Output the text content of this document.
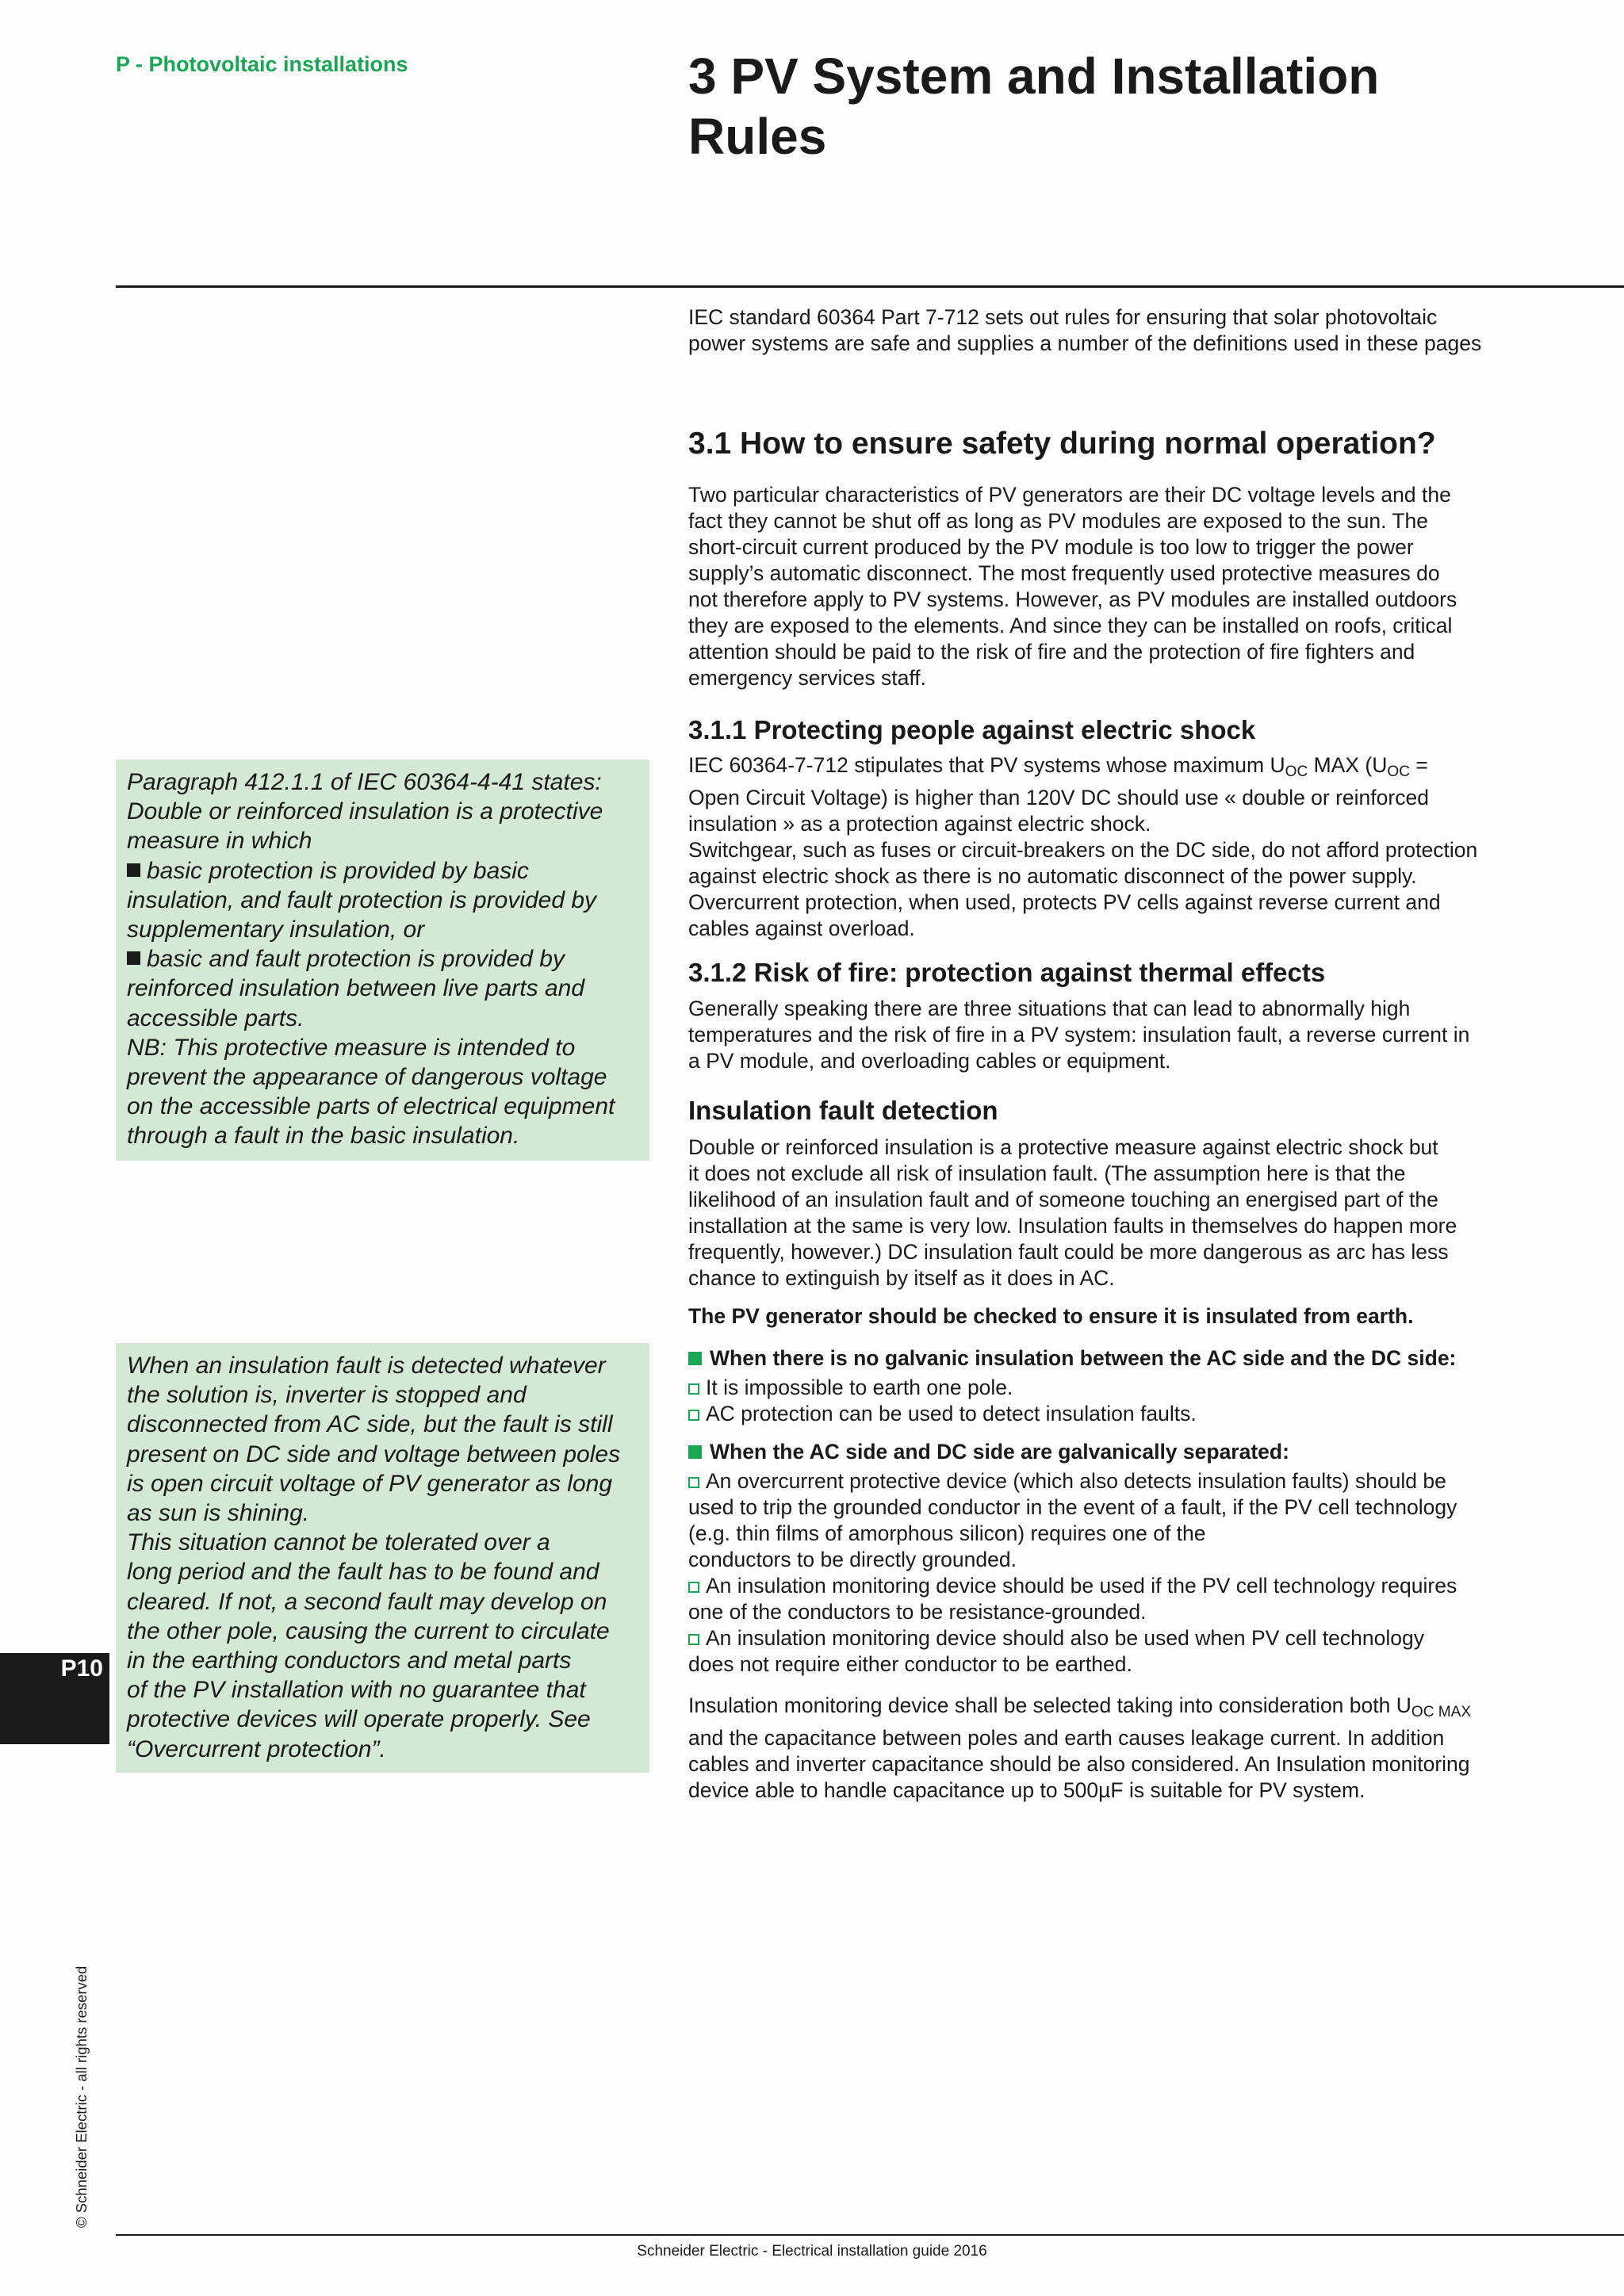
P - Photovoltaic installations	3 PV System and Installation
Rules
IEC standard 60364 Part 7-712 sets out rules for ensuring that solar photovoltaic
power systems are safe and supplies a number of the definitions used in these pages
3.1 How to ensure safety during normal operation?
Two particular characteristics of PV generators are their DC voltage levels and the
fact they cannot be shut off as long as PV modules are exposed to the sun. The
short-circuit current produced by the PV module is too low to trigger the power
supply’s automatic disconnect. The most frequently used protective measures do
not therefore apply to PV systems. However, as PV modules are installed outdoors
they are exposed to the elements. And since they can be installed on roofs, critical
attention should be paid to the risk of fire and the protection of fire fighters and
emergency services staff.
3.1.1 Protecting people against electric shock
IEC 60364-7-712 stipulates that PV systems whose maximum $U_{OC}$ MAX ($U_{OC}$ =
Open Circuit Voltage) is higher than 120V DC should use « double or reinforced
insulation » as a protection against electric shock.
Switchgear, such as fuses or circuit-breakers on the DC side, do not afford protection
against electric shock as there is no automatic disconnect of the power supply.
Overcurrent protection, when used, protects PV cells against reverse current and
cables against overload.
3.1.2 Risk of fire: protection against thermal effects
Generally speaking there are three situations that can lead to abnormally high
temperatures and the risk of fire in a PV system: insulation fault, a reverse current in
a PV module, and overloading cables or equipment.
Insulation fault detection
Double or reinforced insulation is a protective measure against electric shock but
it does not exclude all risk of insulation fault. (The assumption here is that the
likelihood of an insulation fault and of someone touching an energised part of the
installation at the same is very low. Insulation faults in themselves do happen more
frequently, however.) DC insulation fault could be more dangerous as arc has less
chance to extinguish by itself as it does in AC.
The PV generator should be checked to ensure it is insulated from earth.
When there is no galvanic insulation between the AC side and the DC side:
It is impossible to earth one pole.
AC protection can be used to detect insulation faults.
When the AC side and DC side are galvanically separated:
An overcurrent protective device (which also detects insulation faults) should be
used to trip the grounded conductor in the event of a fault, if the PV cell technology
(e.g. thin films of amorphous silicon) requires one of the
conductors to be directly grounded.
An insulation monitoring device should be used if the PV cell technology requires
one of the conductors to be resistance-grounded.
An insulation monitoring device should also be used when PV cell technology
does not require either conductor to be earthed.
Insulation monitoring device shall be selected taking into consideration both $U_{OC MAX}$
and the capacitance between poles and earth causes leakage current. In addition
cables and inverter capacitance should be also considered. An Insulation monitoring
device able to handle capacitance up to 500µF is suitable for PV system.
Paragraph 412.1.1 of IEC 60364-4-41 states:
Double or reinforced insulation is a protective
measure in which
basic protection is provided by basic
insulation, and fault protection is provided by
supplementary insulation, or
basic and fault protection is provided by
reinforced insulation between live parts and
accessible parts.
NB: This protective measure is intended to
prevent the appearance of dangerous voltage
on the accessible parts of electrical equipment
through a fault in the basic insulation.
When an insulation fault is detected whatever
the solution is, inverter is stopped and
disconnected from AC side, but the fault is still
present on DC side and voltage between poles
is open circuit voltage of PV generator as long
as sun is shining.
This situation cannot be tolerated over a
long period and the fault has to be found and
cleared. If not, a second fault may develop on
the other pole, causing the current to circulate
in the earthing conductors and metal parts
of the PV installation with no guarantee that
protective devices will operate properly. See
“Overcurrent protection”.
P10
© Schneider Electric - all rights reserved
Schneider Electric - Electrical installation guide 2016
